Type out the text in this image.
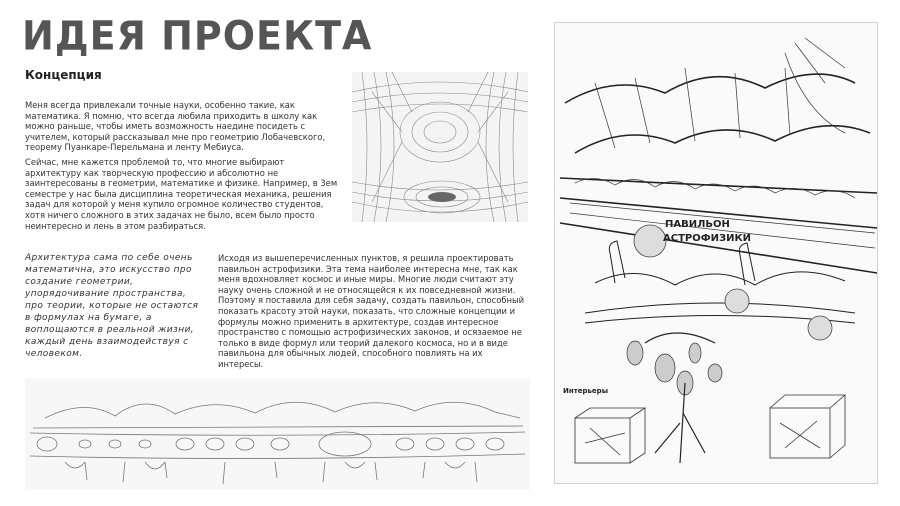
ИДЕЯ ПРОЕКТА
Концепция

Меня всегда привлекали точные науки, особенно такие, как математика. Я помню, что всегда любила приходить в школу как можно раньше, чтобы иметь возможность наедине посидеть с учителем, который рассказывал мне про геометрию Лобачевского, теорему Пуанкаре-Перельмана и ленту Мебиуса.

Сейчас, мне кажется проблемой то, что многие выбирают архитектуру как творческую профессию и абсолютно не заинтересованы в геометрии, математике и физике. Например, в 3ем семестре у нас была дисциплина теоретическая механика, решения задач для которой у меня купило огромное количество студентов, хотя ничего сложного в этих задачах не было, всем было просто неинтересно и лень в этом разбираться.

Архитектура сама по себе очень математична, это искусство про создание геометрии, упорядочивание пространства, про теории, которые не остаются в формулах на бумаге, а воплощаются в реальной жизни, каждый день взаимодействуя с человеком.

Исходя из вышеперечисленных пунктов, я решила проектировать павильон астрофизики. Эта тема наиболее интересна мне, так как меня вдохновляет космос и иные миры. Многие люди считают эту науку очень сложной и не относящейся к их повседневной жизни. Поэтому я поставила для себя задачу, создать павильон, способный показать красоту этой науки, показать, что сложные концепции и формулы можно применить в архитектуре, создав интересное пространство с помощью астрофизических законов, и осязаемое не только в виде формул или теорий далекого космоса, но и в виде павильона для обычных людей, способного повлиять на их интересы.

ПАВИЛЬОН
АСТРОФИЗИКИ
Интерьеры
